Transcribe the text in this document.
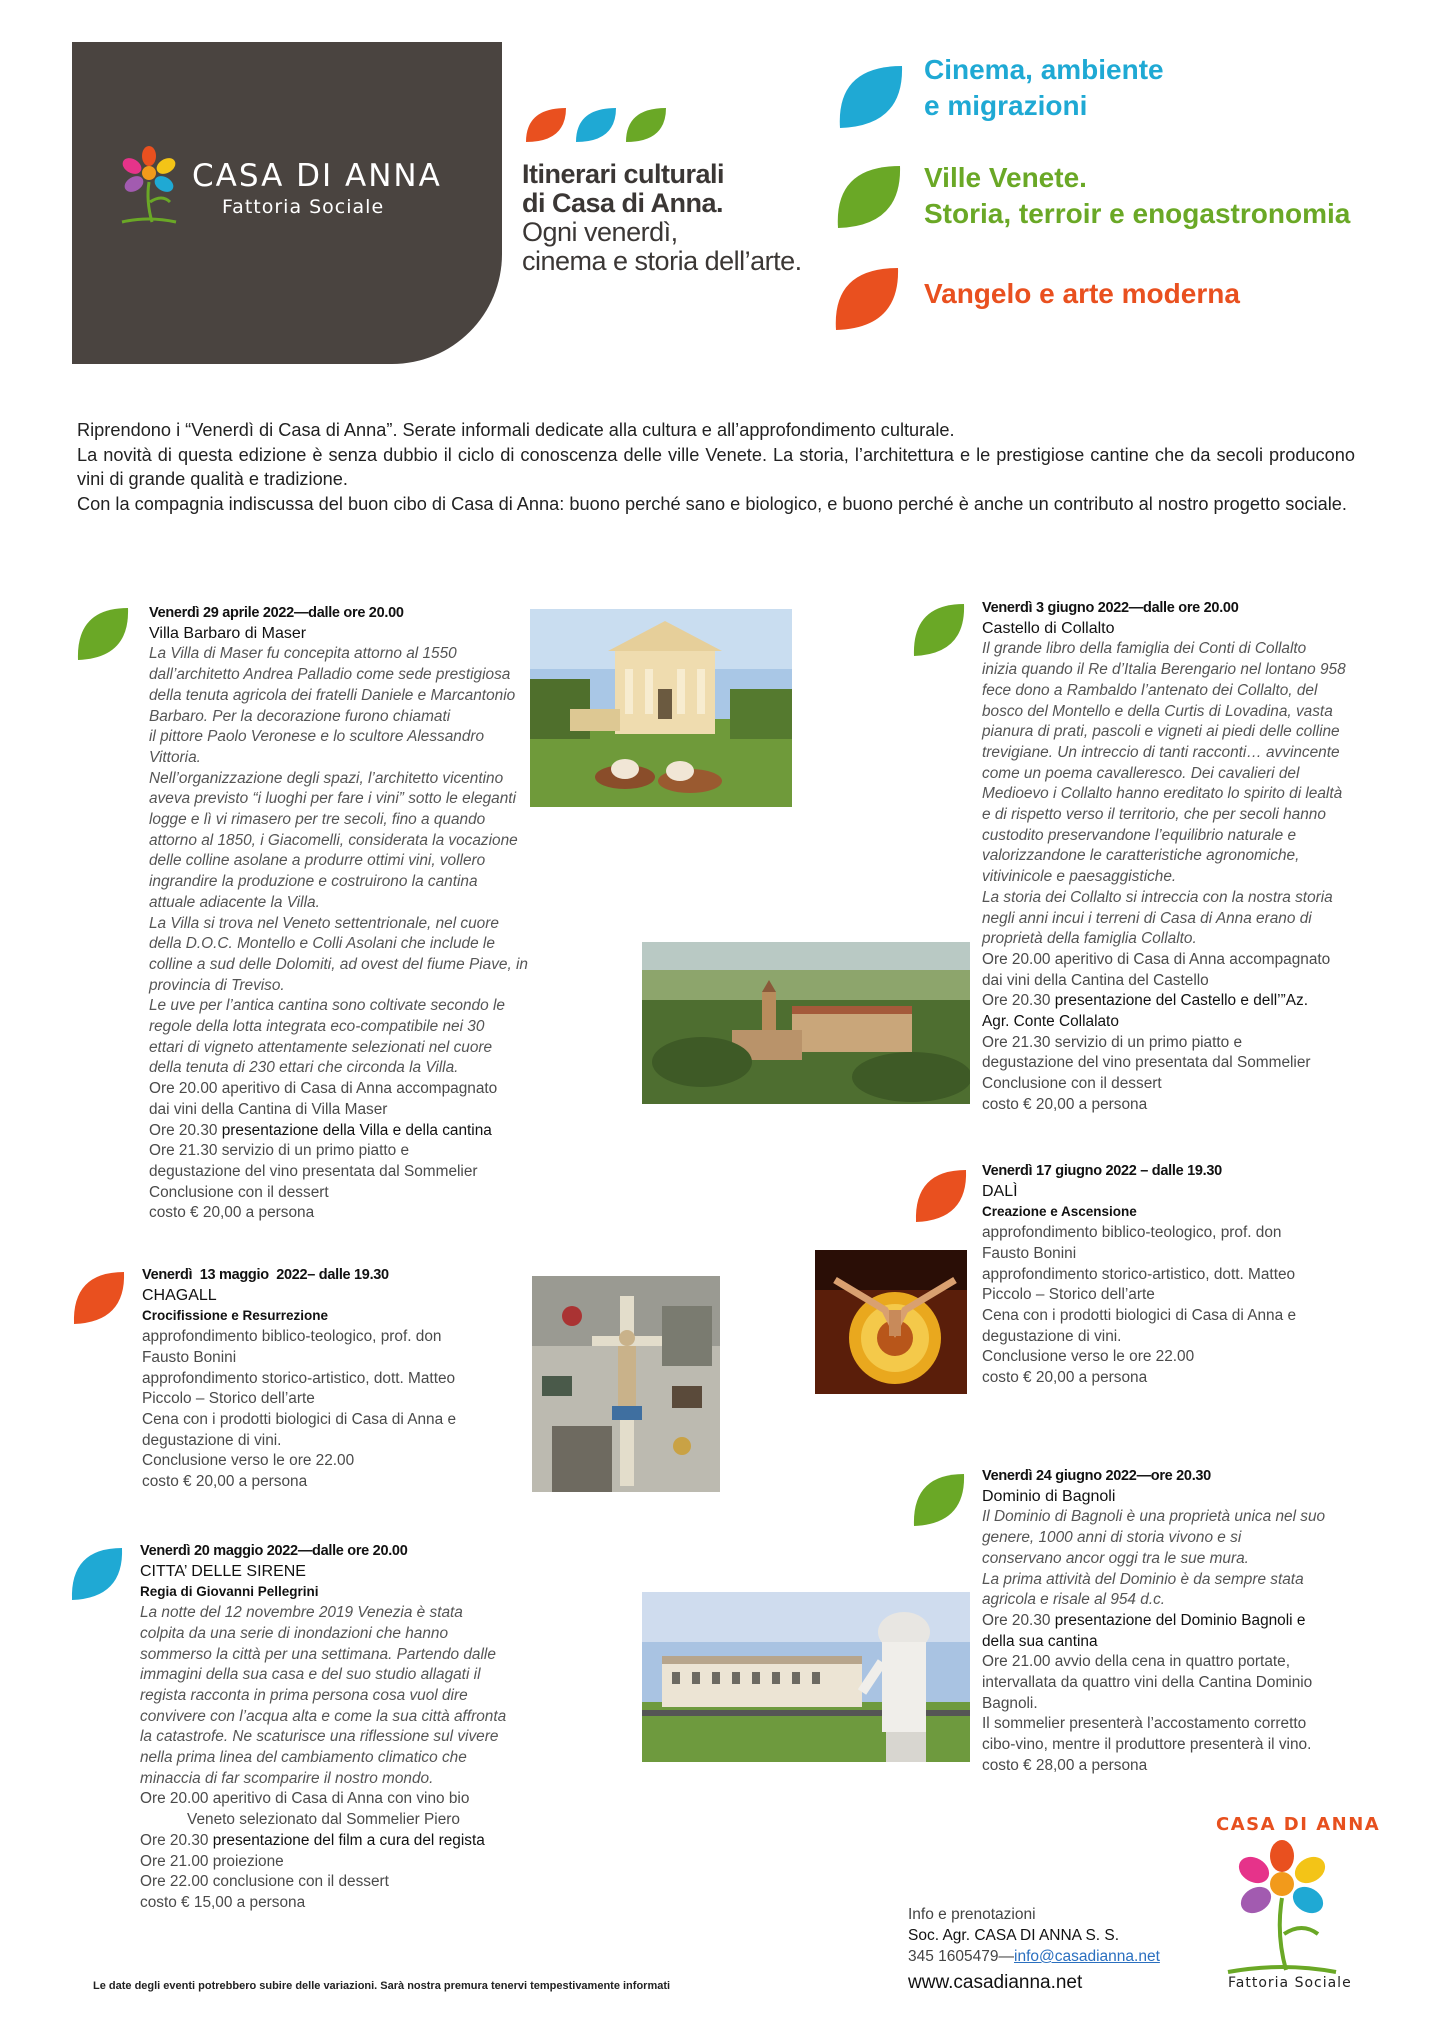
CASA DI ANNA
Fattoria Sociale
Itinerari culturali
di Casa di Anna.
Ogni venerdì,
cinema e storia dell’arte.
Cinema, ambiente
e migrazioni
Ville Venete.
Storia, terroir e enogastronomia
Vangelo e arte moderna

Riprendono i “Venerdì di Casa di Anna”. Serate informali dedicate alla cultura e all’approfondimento culturale.

La novità di questa edizione è senza dubbio il ciclo di conoscenza delle ville Venete. La storia, l’architettura e le prestigiose cantine che da secoli producono vini di grande qualità e tradizione.

Con la compagnia indiscussa del buon cibo di Casa di Anna: buono perché sano e biologico, e buono perché è anche un contributo al nostro progetto sociale.

Venerdì 29 aprile 2022—dalle ore 20.00
Villa Barbaro di Maser
La Villa di Maser fu concepita attorno al 1550
dall’architetto Andrea Palladio come sede prestigiosa
della tenuta agricola dei fratelli Daniele e Marcantonio
Barbaro. Per la decorazione furono chiamati
il pittore Paolo Veronese e lo scultore Alessandro
Vittoria.
Nell’organizzazione degli spazi, l’architetto vicentino
aveva previsto “i luoghi per fare i vini” sotto le eleganti
logge e lì vi rimasero per tre secoli, fino a quando
attorno al 1850, i Giacomelli, considerata la vocazione
delle colline asolane a produrre ottimi vini, vollero
ingrandire la produzione e costruirono la cantina
attuale adiacente la Villa.
La Villa si trova nel Veneto settentrionale, nel cuore
della D.O.C. Montello e Colli Asolani che include le
colline a sud delle Dolomiti, ad ovest del fiume Piave, in
provincia di Treviso.
Le uve per l’antica cantina sono coltivate secondo le
regole della lotta integrata eco-compatibile nei 30
ettari di vigneto attentamente selezionati nel cuore
della tenuta di 230 ettari che circonda la Villa.
Ore 20.00 aperitivo di Casa di Anna accompagnato
dai vini della Cantina di Villa Maser
Ore 20.30 presentazione della Villa e della cantina
Ore 21.30 servizio di un primo piatto e
degustazione del vino presentata dal Sommelier
Conclusione con il dessert
costo € 20,00 a persona
Venerdì  13 maggio  2022– dalle 19.30
CHAGALL
Crocifissione e Resurrezione
approfondimento biblico-teologico, prof. don
Fausto Bonini
approfondimento storico-artistico, dott. Matteo
Piccolo – Storico dell’arte
Cena con i prodotti biologici di Casa di Anna e
degustazione di vini.
Conclusione verso le ore 22.00
costo € 20,00 a persona
Venerdì 20 maggio 2022—dalle ore 20.00
CITTA’ DELLE SIRENE
Regia di Giovanni Pellegrini
La notte del 12 novembre 2019 Venezia è stata
colpita da una serie di inondazioni che hanno
sommerso la città per una settimana. Partendo dalle
immagini della sua casa e del suo studio allagati il
regista racconta in prima persona cosa vuol dire
convivere con l’acqua alta e come la sua città affronta
la catastrofe. Ne scaturisce una riflessione sul vivere
nella prima linea del cambiamento climatico che
minaccia di far scomparire il nostro mondo.
Ore 20.00 aperitivo di Casa di Anna con vino bio
Veneto selezionato dal Sommelier Piero
Ore 20.30 presentazione del film a cura del regista
Ore 21.00 proiezione
Ore 22.00 conclusione con il dessert
costo € 15,00 a persona
Venerdì 3 giugno 2022—dalle ore 20.00
Castello di Collalto
Il grande libro della famiglia dei Conti di Collalto
inizia quando il Re d’Italia Berengario nel lontano 958
fece dono a Rambaldo l’antenato dei Collalto, del
bosco del Montello e della Curtis di Lovadina, vasta
pianura di prati, pascoli e vigneti ai piedi delle colline
trevigiane. Un intreccio di tanti racconti… avvincente
come un poema cavalleresco. Dei cavalieri del
Medioevo i Collalto hanno ereditato lo spirito di lealtà
e di rispetto verso il territorio, che per secoli hanno
custodito preservandone l’equilibrio naturale e
valorizzandone le caratteristiche agronomiche,
vitivinicole e paesaggistiche.
La storia dei Collalto si intreccia con la nostra storia
negli anni incui i terreni di Casa di Anna erano di
proprietà della famiglia Collalto.
Ore 20.00 aperitivo di Casa di Anna accompagnato
dai vini della Cantina del Castello
Ore 20.30 presentazione del Castello e dell’”Az.
Agr. Conte Collalato
Ore 21.30 servizio di un primo piatto e
degustazione del vino presentata dal Sommelier
Conclusione con il dessert
costo € 20,00 a persona
Venerdì 17 giugno 2022 – dalle 19.30
DALÌ
Creazione e Ascensione
approfondimento biblico-teologico, prof. don
Fausto Bonini
approfondimento storico-artistico, dott. Matteo
Piccolo – Storico dell’arte
Cena con i prodotti biologici di Casa di Anna e
degustazione di vini.
Conclusione verso le ore 22.00
costo € 20,00 a persona
Venerdì 24 giugno 2022—ore 20.30
Dominio di Bagnoli
Il Dominio di Bagnoli è una proprietà unica nel suo
genere, 1000 anni di storia vivono e si
conservano ancor oggi tra le sue mura.
La prima attività del Dominio è da sempre stata
agricola e risale al 954 d.c.
Ore 20.30 presentazione del Dominio Bagnoli e
della sua cantina
Ore 21.00 avvio della cena in quattro portate,
intervallata da quattro vini della Cantina Dominio
Bagnoli.
Il sommelier presenterà l’accostamento corretto
cibo-vino, mentre il produttore presenterà il vino.
costo € 28,00 a persona
Info e prenotazioni
Soc. Agr. CASA DI ANNA S. S.
345 1605479—info@casadianna.net
www.casadianna.net
CASA DI ANNA
Fattoria Sociale
Le date degli eventi potrebbero subire delle variazioni. Sarà nostra premura tenervi tempestivamente informati
